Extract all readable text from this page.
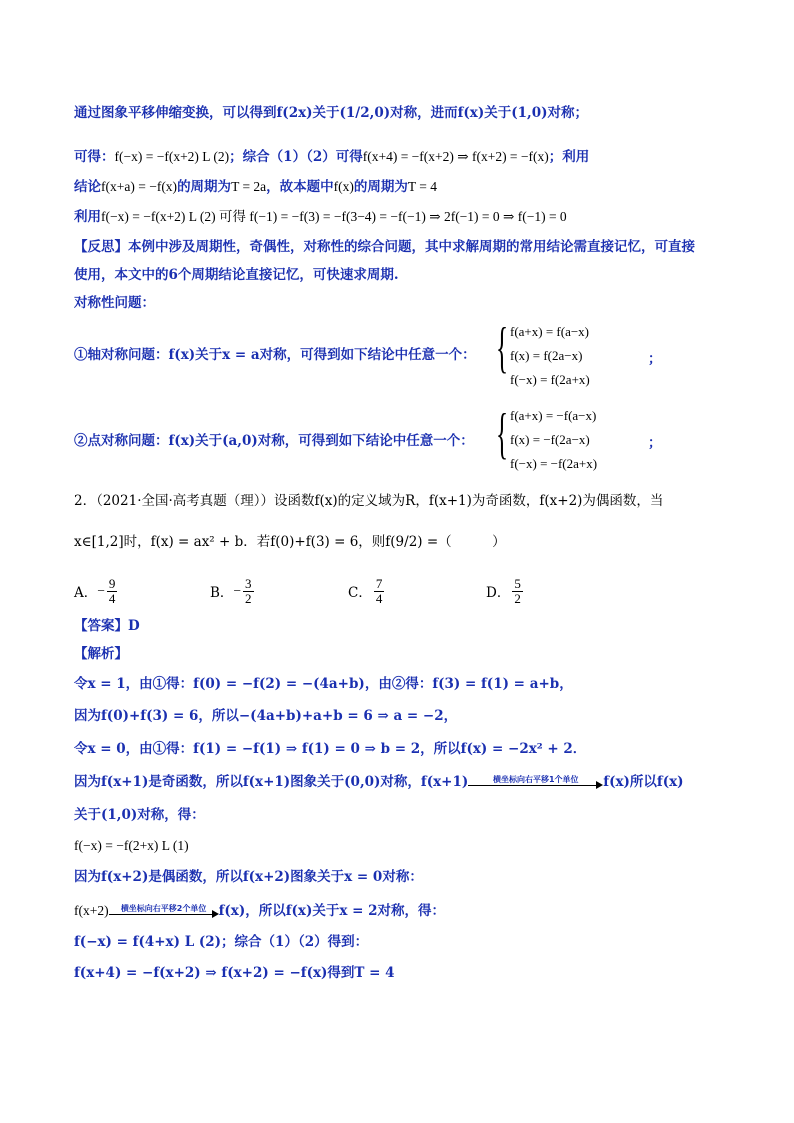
通过图象平移伸缩变换，可以得到f(2x)关于(1/2,0)对称，进而f(x)关于(1,0)对称；
可得：f(−x) = −f(x+2) L (2)；综合（1）（2）可得f(x+4) = −f(x+2) ⇒ f(x+2) = −f(x)；利用
结论f(x+a) = −f(x)的周期为T = 2a，故本题中f(x)的周期为T = 4
利用f(−x) = −f(x+2) L (2) 可得 f(−1) = −f(3) = −f(3−4) = −f(−1) ⇒ 2f(−1) = 0 ⇒ f(−1) = 0
【反思】本例中涉及周期性，奇偶性，对称性的综合问题，其中求解周期的常用结论需直接记忆，可直接
使用，本文中的6个周期结论直接记忆，可快速求周期.
对称性问题：
①轴对称问题：f(x)关于x = a对称，可得到如下结论中任意一个： { f(a+x) = f(a−x)
f(x) = f(2a−x)
f(−x) = f(2a+x)
；
②点对称问题：f(x)关于(a,0)对称，可得到如下结论中任意一个： { f(a+x) = −f(a−x)
f(x) = −f(2a−x)
f(−x) = −f(2a+x)
；
2．（2021·全国·高考真题（理））设函数f(x)的定义域为R，f(x+1)为奇函数，f(x+2)为偶函数，当
x∈[1,2]时，f(x) = ax² + b．若f(0)+f(3) = 6，则f(9/2) =（　　　）
A． − $\frac{9}{4}$	B． − $\frac{3}{2}$	C． $\frac{7}{4}$	D． $\frac{5}{2}$
【答案】D
【解析】
令x = 1，由①得：f(0) = −f(2) = −(4a+b)，由②得：f(3) = f(1) = a+b，
因为f(0)+f(3) = 6，所以−(4a+b)+a+b = 6 ⇒ a = −2，
令x = 0，由①得：f(1) = −f(1) ⇒ f(1) = 0 ⇒ b = 2，所以f(x) = −2x² + 2．
因为f(x+1)是奇函数，所以f(x+1)图象关于(0,0)对称，f(x+1)	横坐标向右平移1个单位	f(x)所以f(x)
关于(1,0)对称，得：
f(−x) = −f(2+x) L (1)
因为f(x+2)是偶函数，所以f(x+2)图象关于x = 0对称：
f(x+2)	横坐标向右平移2个单位 f(x)，所以f(x)关于x = 2对称，得：
f(−x) = f(4+x) L (2)；综合（1）（2）得到：
f(x+4) = −f(x+2) ⇒ f(x+2) = −f(x)得到T = 4
